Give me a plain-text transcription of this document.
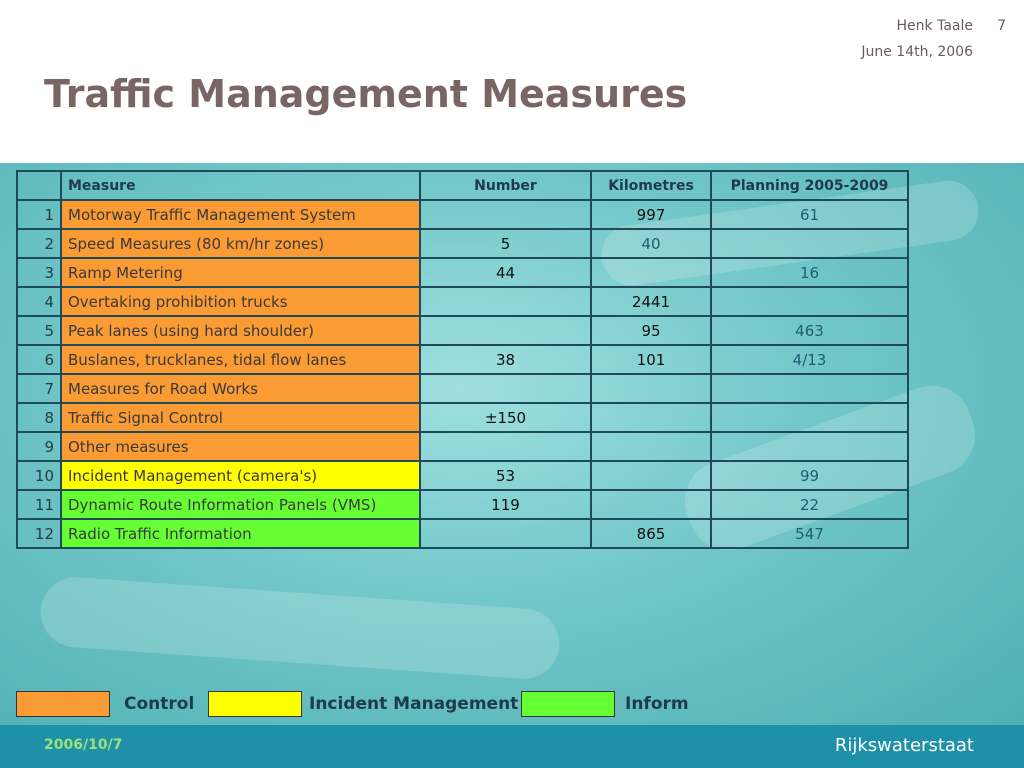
Henk Taale 7
June 14th, 2006
Traffic Management Measures
	Measure	Number	Kilometres	Planning 2005-2009
1	Motorway Traffic Management System		997	61
2	Speed Measures (80 km/hr zones)	5	40	
3	Ramp Metering	44		16
4	Overtaking prohibition trucks		2441	
5	Peak lanes (using hard shoulder)		95	463
6	Buslanes, trucklanes, tidal flow lanes	38	101	4/13
7	Measures for Road Works			
8	Traffic Signal Control	±150		
9	Other measures			
10	Incident Management (camera's)	53		99
11	Dynamic Route Information Panels (VMS)	119		22
12	Radio Traffic Information		865	547
Control	Incident Management	Inform
2006/10/7	Rijkswaterstaat
